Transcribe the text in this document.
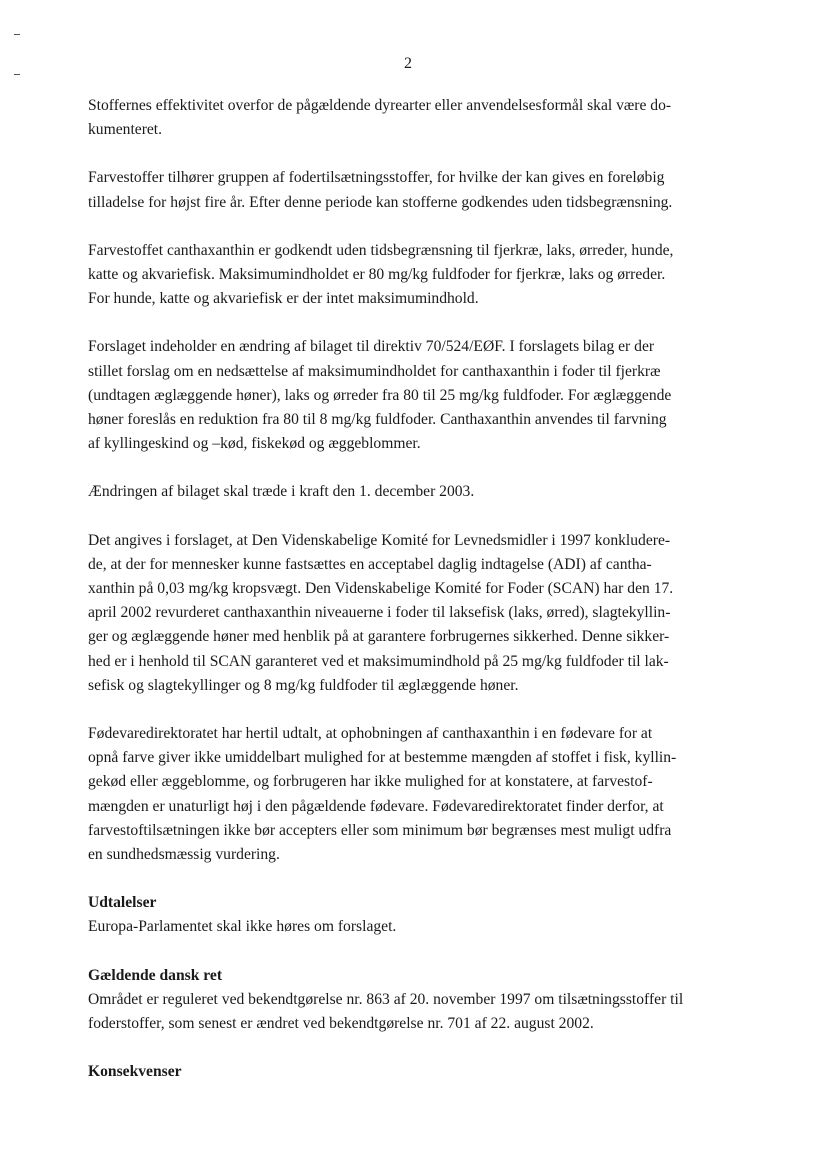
2

Stoffernes effektivitet overfor de pågældende dyrearter eller anvendelsesformål skal være do-
kumenteret.

Farvestoffer tilhører gruppen af fodertilsætningsstoffer, for hvilke der kan gives en foreløbig
tilladelse for højst fire år. Efter denne periode kan stofferne godkendes uden tidsbegrænsning.

Farvestoffet canthaxanthin er godkendt uden tidsbegrænsning til fjerkræ, laks, ørreder, hunde,
katte og akvariefisk. Maksimumindholdet er 80 mg/kg fuldfoder for fjerkræ, laks og ørreder.
For hunde, katte og akvariefisk er der intet maksimumindhold.

Forslaget indeholder en ændring af bilaget til direktiv 70/524/EØF. I forslagets bilag er der
stillet forslag om en nedsættelse af maksimumindholdet for canthaxanthin i foder til fjerkræ
(undtagen æglæggende høner), laks og ørreder fra 80 til 25 mg/kg fuldfoder. For æglæggende
høner foreslås en reduktion fra 80 til 8 mg/kg fuldfoder. Canthaxanthin anvendes til farvning
af kyllingeskind og –kød, fiskekød og æggeblommer.

Ændringen af bilaget skal træde i kraft den 1. december 2003.

Det angives i forslaget, at Den Videnskabelige Komité for Levnedsmidler i 1997 konkludere-
de, at der for mennesker kunne fastsættes en acceptabel daglig indtagelse (ADI) af cantha-
xanthin på 0,03 mg/kg kropsvægt. Den Videnskabelige Komité for Foder (SCAN) har den 17.
april 2002 revurderet canthaxanthin niveauerne i foder til laksefisk (laks, ørred), slagtekyllin-
ger og æglæggende høner med henblik på at garantere forbrugernes sikkerhed. Denne sikker-
hed er i henhold til SCAN garanteret ved et maksimumindhold på 25 mg/kg fuldfoder til lak-
sefisk og slagtekyllinger og 8 mg/kg fuldfoder til æglæggende høner.

Fødevaredirektoratet har hertil udtalt, at ophobningen af canthaxanthin i en fødevare for at
opnå farve giver ikke umiddelbart mulighed for at bestemme mængden af stoffet i fisk, kyllin-
gekød eller æggeblomme, og forbrugeren har ikke mulighed for at konstatere, at farvestof-
mængden er unaturligt høj i den pågældende fødevare. Fødevaredirektoratet finder derfor, at
farvestoftilsætningen ikke bør accepters eller som minimum bør begrænses mest muligt udfra
en sundhedsmæssig vurdering.

Udtalelser
Europa-Parlamentet skal ikke høres om forslaget.

Gældende dansk ret
Området er reguleret ved bekendtgørelse nr. 863 af 20. november 1997 om tilsætningsstoffer til
foderstoffer, som senest er ændret ved bekendtgørelse nr. 701 af 22. august 2002.

Konsekvenser
